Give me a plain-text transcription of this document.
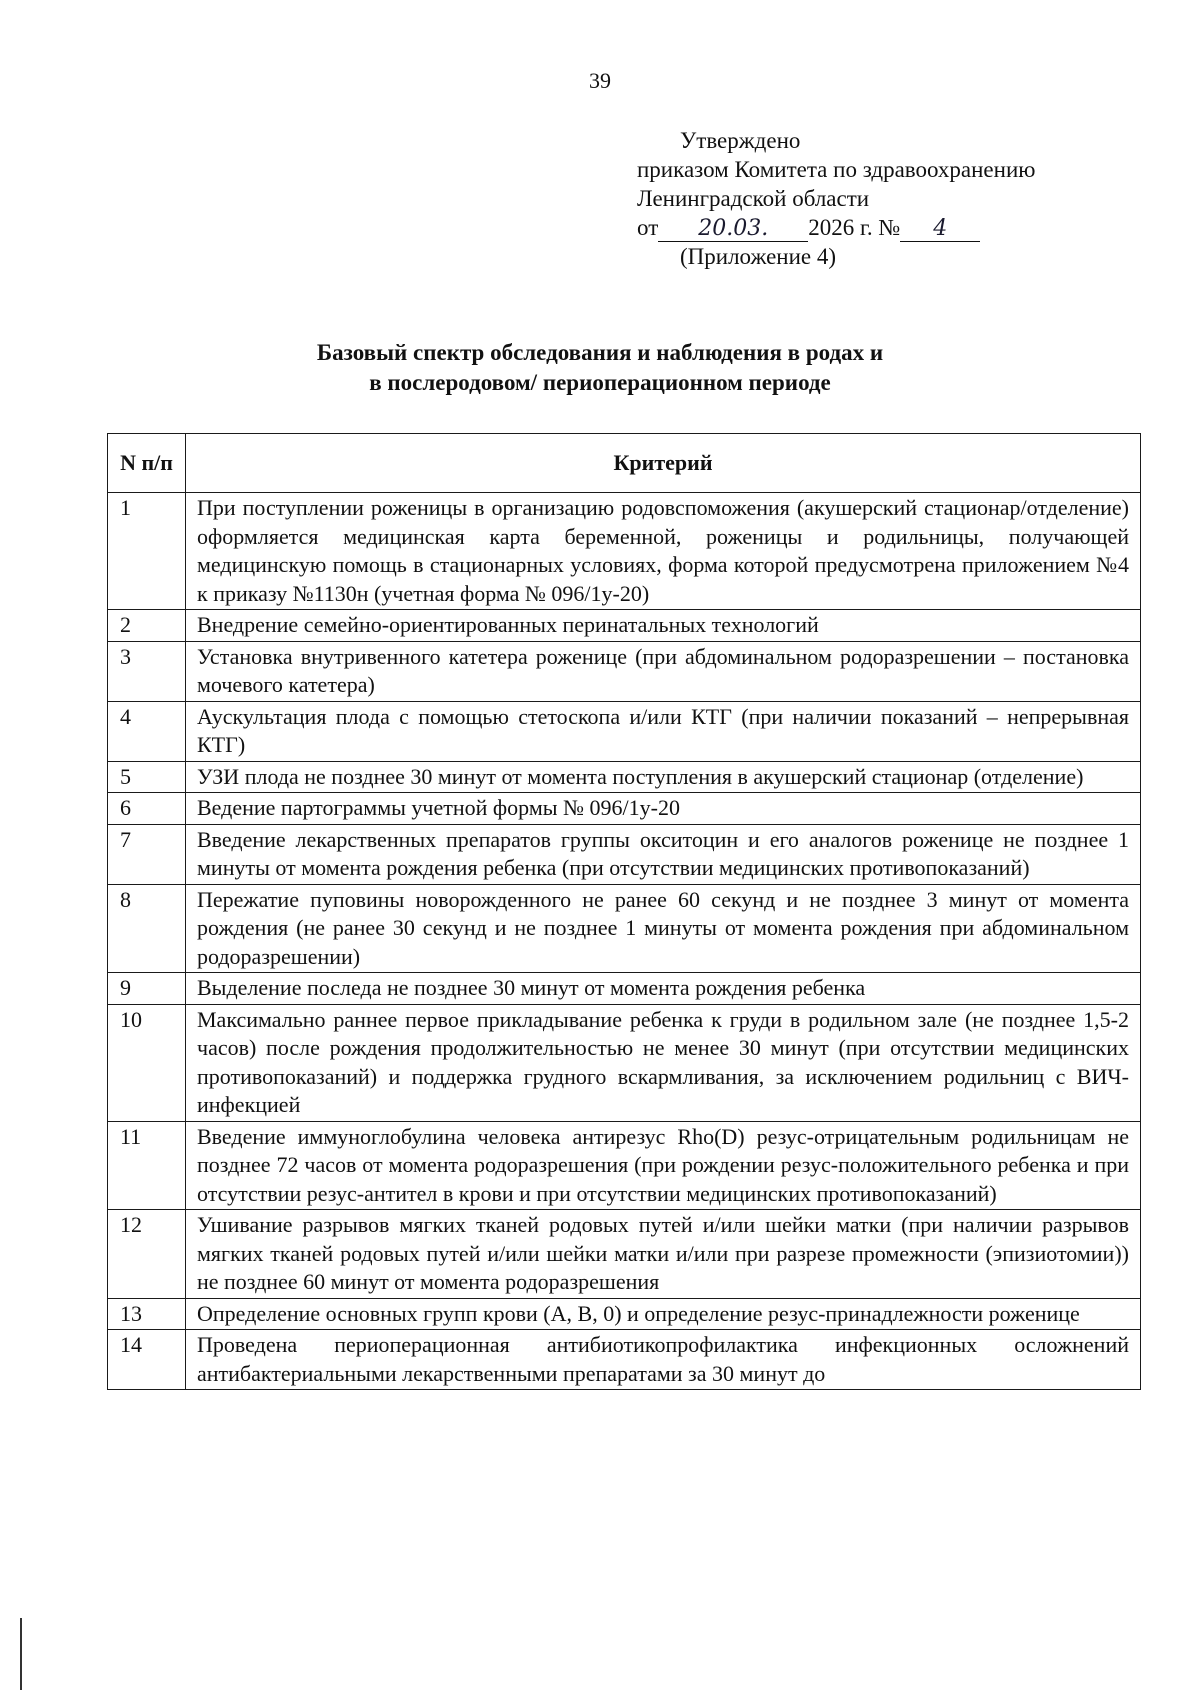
39
Утверждено
приказом Комитета по здравоохранению
Ленинградской области
от 20.03. 2026 г. № 4
(Приложение 4)
Базовый спектр обследования и наблюдения в родах и
в послеродовом/ периоперационном периоде
N п/п	Критерий
1	При поступлении роженицы в организацию родовспоможения (акушерский стационар/отделение) оформляется медицинская карта беременной, роженицы и родильницы, получающей медицинскую помощь в стационарных условиях, форма которой предусмотрена приложением №4 к приказу №1130н (учетная форма № 096/1у-20)
2	Внедрение семейно-ориентированных перинатальных технологий
3	Установка внутривенного катетера роженице (при абдоминальном родоразрешении – постановка мочевого катетера)
4	Аускультация плода с помощью стетоскопа и/или КТГ (при наличии показаний – непрерывная КТГ)
5	УЗИ плода не позднее 30 минут от момента поступления в акушерский стационар (отделение)
6	Ведение партограммы учетной формы № 096/1у-20
7	Введение лекарственных препаратов группы окситоцин и его аналогов роженице не позднее 1 минуты от момента рождения ребенка (при отсутствии медицинских противопоказаний)
8	Пережатие пуповины новорожденного не ранее 60 секунд и не позднее 3 минут от момента рождения (не ранее 30 секунд и не позднее 1 минуты от момента рождения при абдоминальном родоразрешении)
9	Выделение последа не позднее 30 минут от момента рождения ребенка
10	Максимально раннее первое прикладывание ребенка к груди в родильном зале (не позднее 1,5-2 часов) после рождения продолжительностью не менее 30 минут (при отсутствии медицинских противопоказаний) и поддержка грудного вскармливания, за исключением родильниц с ВИЧ-инфекцией
11	Введение иммуноглобулина человека антирезус Rho(D) резус-отрицательным родильницам не позднее 72 часов от момента родоразрешения (при рождении резус-положительного ребенка и при отсутствии резус-антител в крови и при отсутствии медицинских противопоказаний)
12	Ушивание разрывов мягких тканей родовых путей и/или шейки матки (при наличии разрывов мягких тканей родовых путей и/или шейки матки и/или при разрезе промежности (эпизиотомии)) не позднее 60 минут от момента родоразрешения
13	Определение основных групп крови (A, B, 0) и определение резус-принадлежности роженице
14	Проведена периоперационная антибиотикопрофилактика инфекционных осложнений антибактериальными лекарственными препаратами за 30 минут до
